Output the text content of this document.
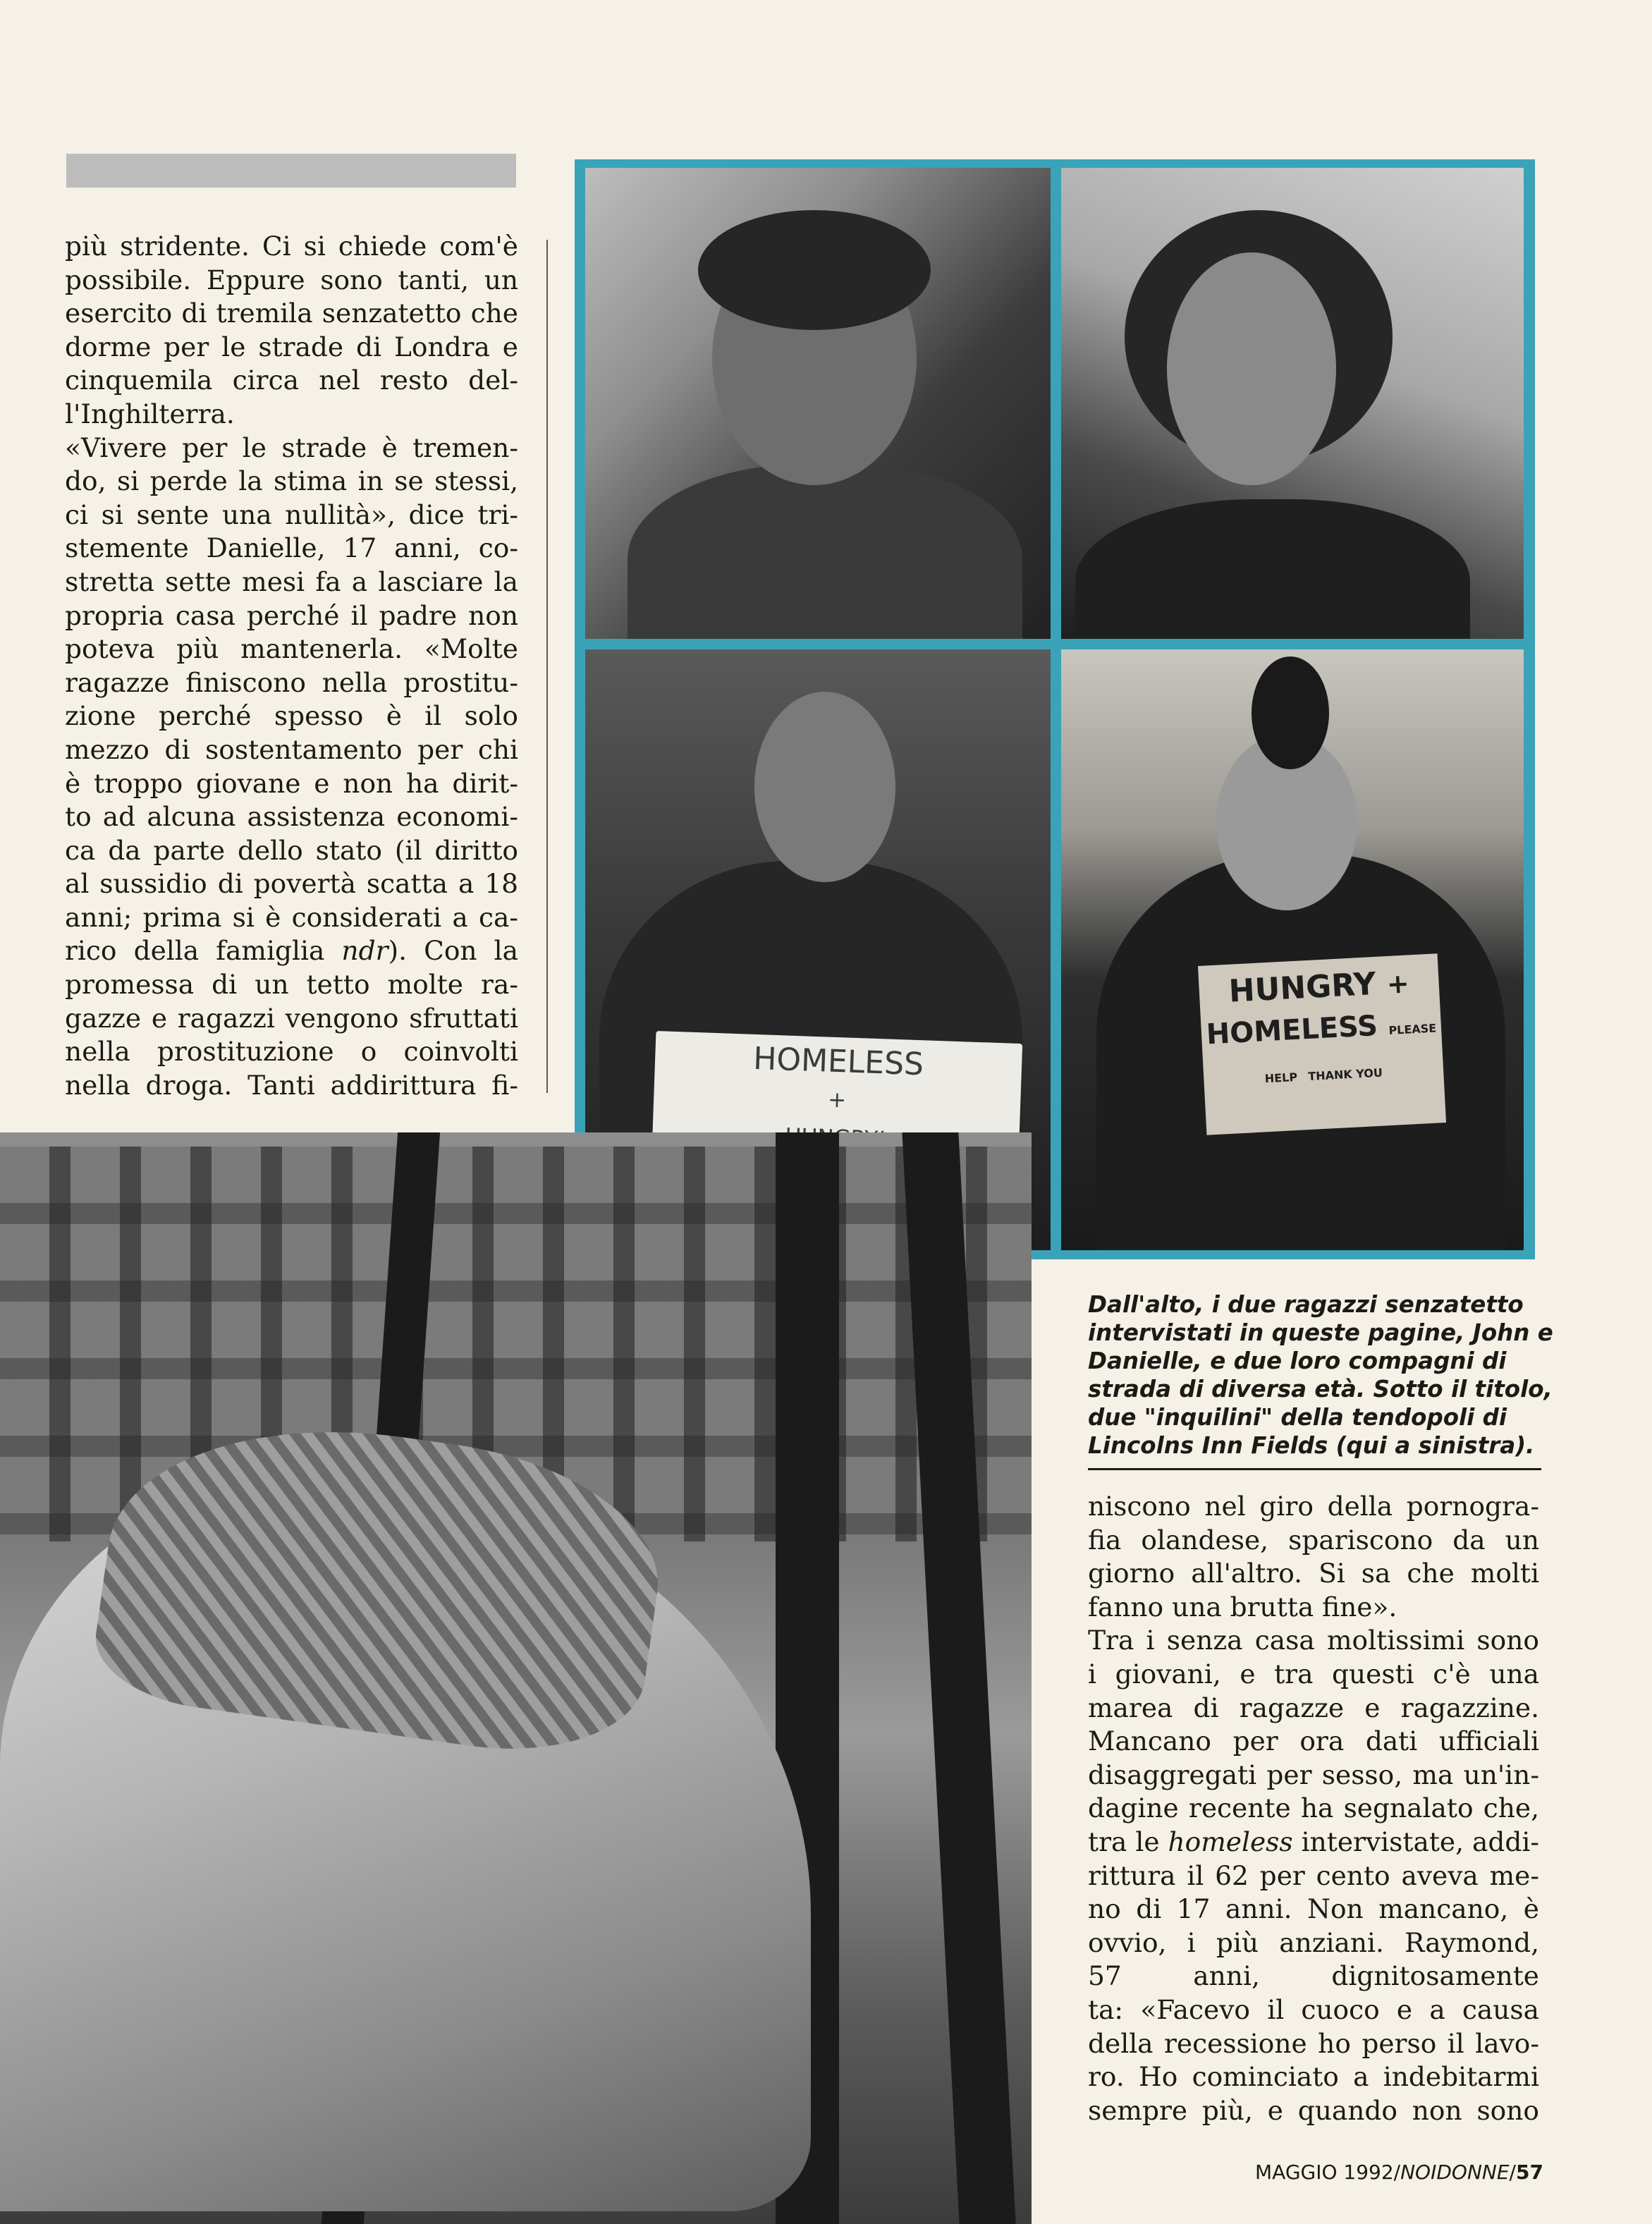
più stridente. Ci si chiede com'è
possibile. Eppure sono tanti, un
esercito di tremila senzatetto che
dorme per le strade di Londra e
cinquemila circa nel resto del-
l'Inghilterra.
«Vivere per le strade è tremen-
do, si perde la stima in se stessi,
ci si sente una nullità», dice tri-
stemente Danielle, 17 anni, co-
stretta sette mesi fa a lasciare la
propria casa perché il padre non
poteva più mantenerla. «Molte
ragazze finiscono nella prostitu-
zione perché spesso è il solo
mezzo di sostentamento per chi
è troppo giovane e non ha dirit-
to ad alcuna assistenza economi-
ca da parte dello stato (il diritto
al sussidio di povertà scatta a 18
anni; prima si è considerati a ca-
rico della famiglia ndr). Con la
promessa di un tetto molte ra-
gazze e ragazzi vengono sfruttati
nella prostituzione o coinvolti
nella droga. Tanti addirittura fi-
HOMELESS
+
HUNGRY + HOMELESS PLEASE HELP THANK YOU
Dall'alto, i due ragazzi senzatetto
intervistati in queste pagine, John e
Danielle, e due loro compagni di
strada di diversa età. Sotto il titolo,
due "inquilini" della tendopoli di
Lincolns Inn Fields (qui a sinistra).
niscono nel giro della pornogra-
fia olandese, spariscono da un
giorno all'altro. Si sa che molti
fanno una brutta fine».
Tra i senza casa moltissimi sono
i giovani, e tra questi c'è una
marea di ragazze e ragazzine.
Mancano per ora dati ufficiali
disaggregati per sesso, ma un'in-
dagine recente ha segnalato che,
tra le homeless intervistate, addi-
rittura il 62 per cento aveva me-
no di 17 anni. Non mancano, è
ovvio, i più anziani. Raymond,
57 anni, dignitosamente
ta: «Facevo il cuoco e a causa
della recessione ho perso il lavo-
ro. Ho cominciato a indebitarmi
sempre più, e quando non sono
MAGGIO 1992/NOIDONNE/57
